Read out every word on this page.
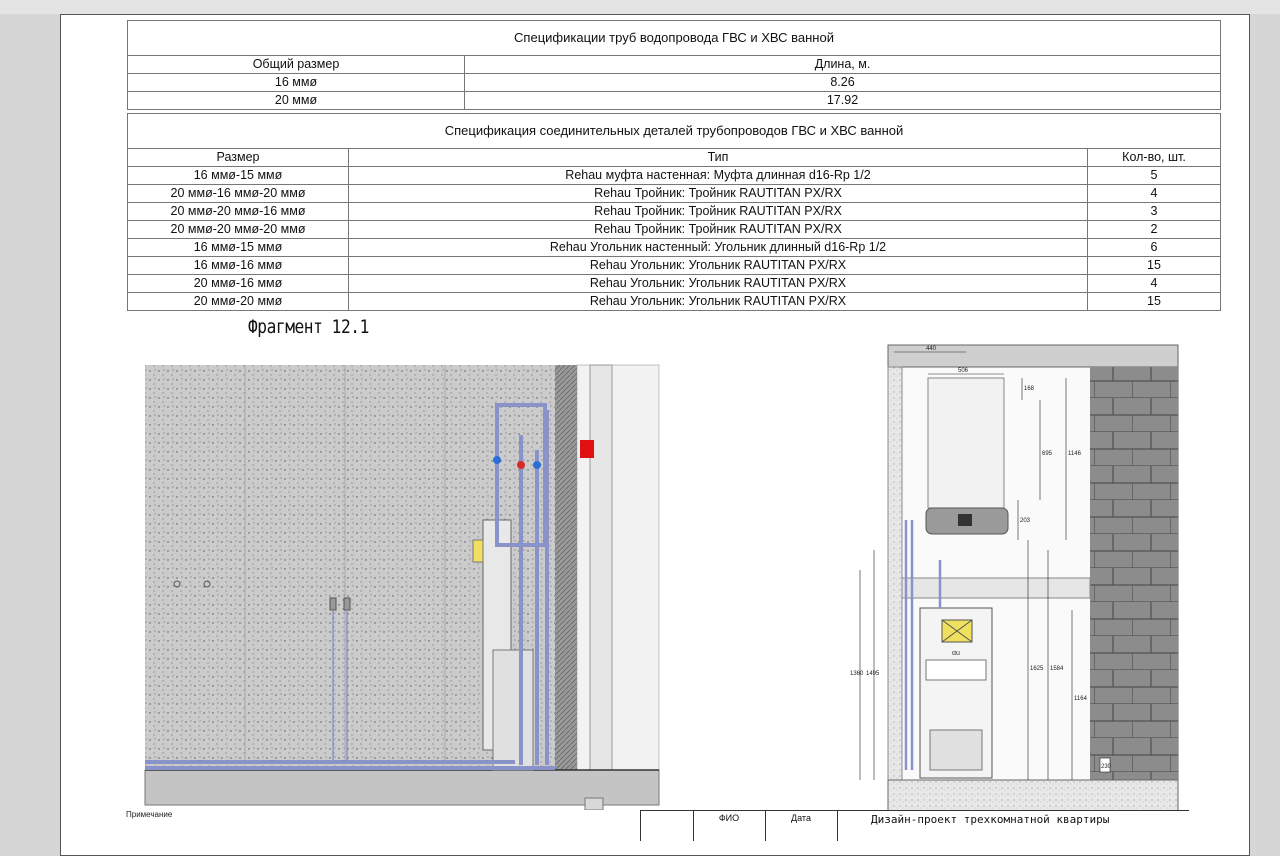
Спецификации труб водопровода ГВС и ХВС ванной	
Общий размер	Длина, м.
16 ммø	8.26
20 ммø	17.92
Спецификация соединительных деталей трубопроводов ГВС и ХВС ванной		
Размер	Тип	Кол-во, шт.
16 ммø-15 ммø	Rehau муфта настенная: Муфта длинная d16-Rp 1/2	5
20 ммø-16 ммø-20 ммø	Rehau Тройник: Тройник RAUTITAN PX/RX	4
20 ммø-20 ммø-16 ммø	Rehau Тройник: Тройник RAUTITAN PX/RX	3
20 ммø-20 ммø-20 ммø	Rehau Тройник: Тройник RAUTITAN PX/RX	2
16 ммø-15 ммø	Rehau Угольник настенный: Угольник длинный d16-Rp 1/2	6
16 ммø-16 ммø	Rehau Угольник: Угольник RAUTITAN PX/RX	15
20 ммø-16 ммø	Rehau Угольник: Угольник RAUTITAN PX/RX	4
20 ммø-20 ммø	Rehau Угольник: Угольник RAUTITAN PX/RX	15
Фрагмент 12.1
αu
440
506
168
695	1146
203
1360 1495
1625 1584
1164
230
Примечание	ФИО	Дата	Дизайн-проект трехкомнатной квартиры
